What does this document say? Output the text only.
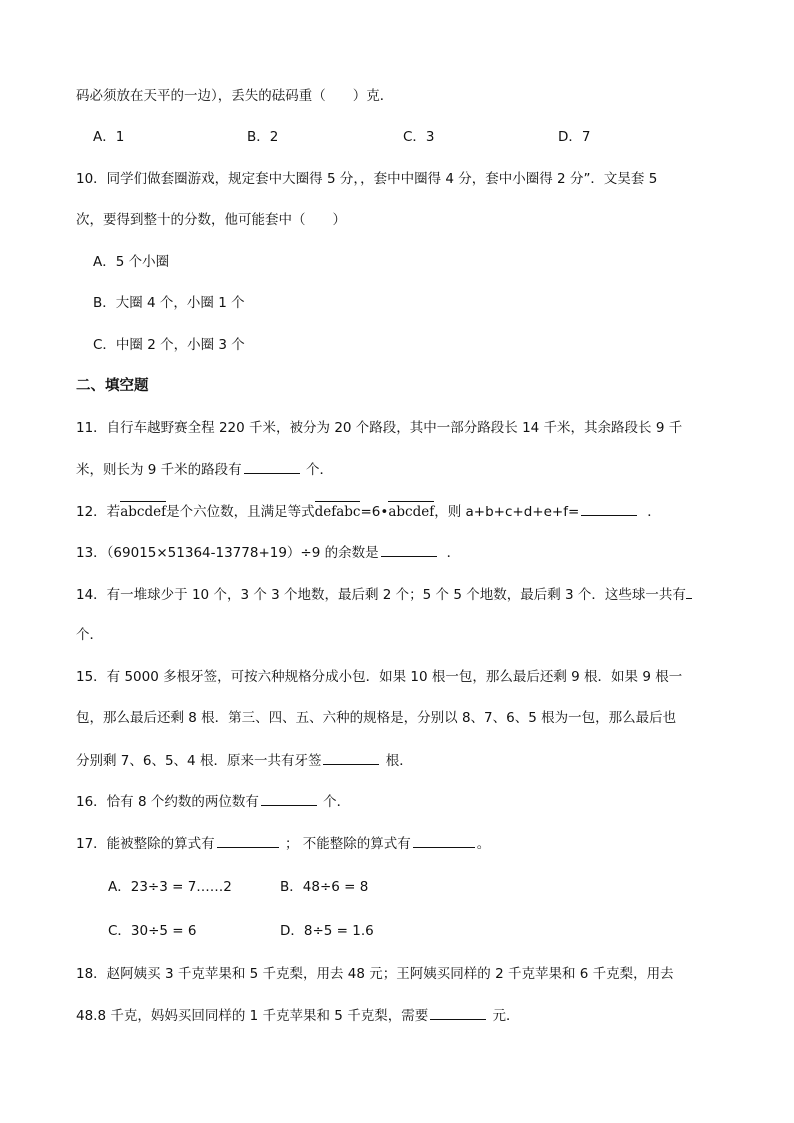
码必须放在天平的一边），丢失的砝码重（　　）克．
A．1	B．2	C．3	D．7
10．同学们做套圈游戏，规定套中大圈得 5 分，，套中中圈得 4 分，套中小圈得 2 分”．文昊套 5
次，要得到整十的分数，他可能套中（　　）
A．5 个小圈
B．大圈 4 个，小圈 1 个
C．中圈 2 个，小圈 3 个
二、填空题
11．自行车越野赛全程 220 千米，被分为 20 个路段，其中一部分路段长 14 千米，其余路段长 9 千
米，则长为 9 千米的路段有	个．
12．若abcdef是个六位数，且满足等式defabc=6•abcdef，则 a+b+c+d+e+f=	．
13．（69015×51364-13778+19）÷9 的余数是	．
14．有一堆球少于 10 个，3 个 3 个地数，最后剩 2 个；5 个 5 个地数，最后剩 3 个．这些球一共有
个．
15．有 5000 多根牙签，可按六种规格分成小包．如果 10 根一包，那么最后还剩 9 根．如果 9 根一
包，那么最后还剩 8 根．第三、四、五、六种的规格是，分别以 8、7、6、5 根为一包，那么最后也
分别剩 7、6、5、4 根．原来一共有牙签	根．
16．恰有 8 个约数的两位数有	个．
17．能被整除的算式有	； 不能整除的算式有	。
A．23÷3 = 7……2	B．48÷6 = 8
C．30÷5 = 6	D．8÷5 = 1.6
18．赵阿姨买 3 千克苹果和 5 千克梨，用去 48 元；王阿姨买同样的 2 千克苹果和 6 千克梨，用去
48.8 千克，妈妈买回同样的 1 千克苹果和 5 千克梨，需要	元．
